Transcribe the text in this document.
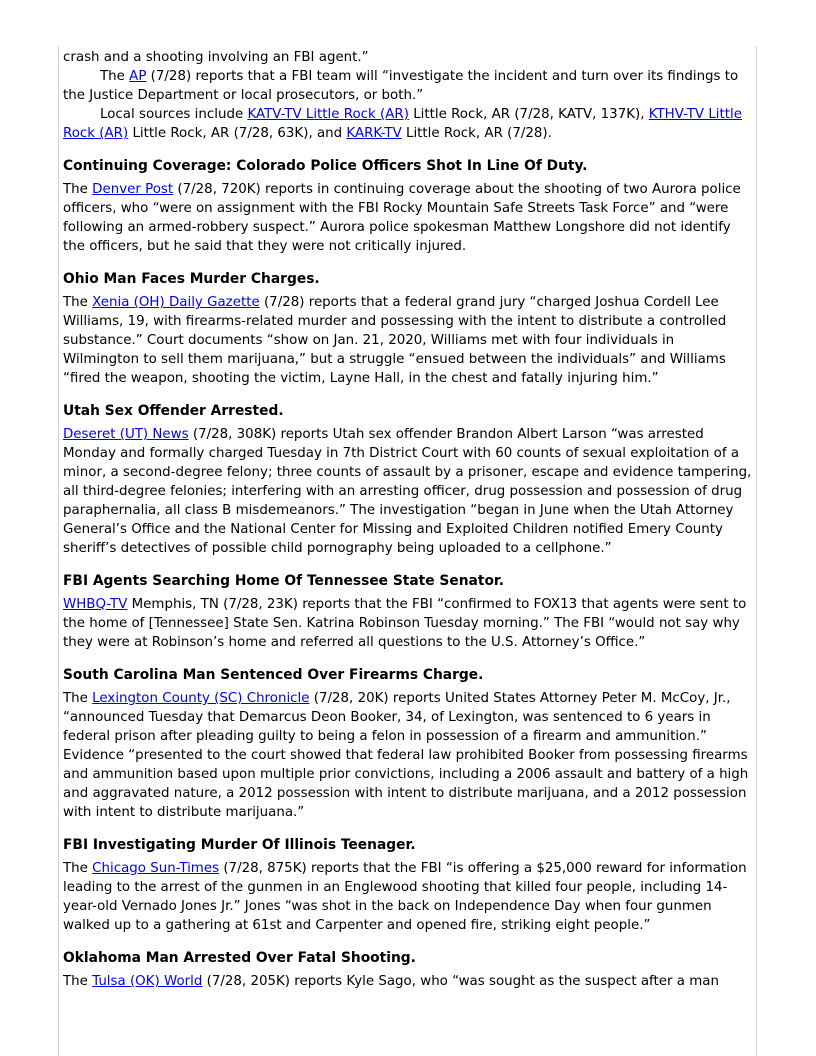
crash and a shooting involving an FBI agent.”

The AP (7/28) reports that a FBI team will “investigate the incident and turn over its findings to the Justice Department or local prosecutors, or both.”

Local sources include KATV-TV Little Rock (AR) Little Rock, AR (7/28, KATV, 137K), KTHV-TV Little Rock (AR) Little Rock, AR (7/28, 63K), and KARK-TV Little Rock, AR (7/28).

Continuing Coverage: Colorado Police Officers Shot In Line Of Duty.

The Denver Post (7/28, 720K) reports in continuing coverage about the shooting of two Aurora police officers, who “were on assignment with the FBI Rocky Mountain Safe Streets Task Force” and “were following an armed-robbery suspect.” Aurora police spokesman Matthew Longshore did not identify the officers, but he said that they were not critically injured.

Ohio Man Faces Murder Charges.

The Xenia (OH) Daily Gazette (7/28) reports that a federal grand jury “charged Joshua Cordell Lee Williams, 19, with firearms-related murder and possessing with the intent to distribute a controlled substance.” Court documents “show on Jan. 21, 2020, Williams met with four individuals in Wilmington to sell them marijuana,” but a struggle “ensued between the individuals” and Williams “fired the weapon, shooting the victim, Layne Hall, in the chest and fatally injuring him.”

Utah Sex Offender Arrested.

Deseret (UT) News (7/28, 308K) reports Utah sex offender Brandon Albert Larson “was arrested Monday and formally charged Tuesday in 7th District Court with 60 counts of sexual exploitation of a minor, a second-degree felony; three counts of assault by a prisoner, escape and evidence tampering, all third-degree felonies; interfering with an arresting officer, drug possession and possession of drug paraphernalia, all class B misdemeanors.” The investigation “began in June when the Utah Attorney General’s Office and the National Center for Missing and Exploited Children notified Emery County sheriff’s detectives of possible child pornography being uploaded to a cellphone.”

FBI Agents Searching Home Of Tennessee State Senator.

WHBQ-TV Memphis, TN (7/28, 23K) reports that the FBI “confirmed to FOX13 that agents were sent to the home of [Tennessee] State Sen. Katrina Robinson Tuesday morning.” The FBI “would not say why they were at Robinson’s home and referred all questions to the U.S. Attorney’s Office.”

South Carolina Man Sentenced Over Firearms Charge.

The Lexington County (SC) Chronicle (7/28, 20K) reports United States Attorney Peter M. McCoy, Jr., “announced Tuesday that Demarcus Deon Booker, 34, of Lexington, was sentenced to 6 years in federal prison after pleading guilty to being a felon in possession of a firearm and ammunition.” Evidence “presented to the court showed that federal law prohibited Booker from possessing firearms and ammunition based upon multiple prior convictions, including a 2006 assault and battery of a high and aggravated nature, a 2012 possession with intent to distribute marijuana, and a 2012 possession with intent to distribute marijuana.”

FBI Investigating Murder Of Illinois Teenager.

The Chicago Sun-Times (7/28, 875K) reports that the FBI “is offering a $25,000 reward for information leading to the arrest of the gunmen in an Englewood shooting that killed four people, including 14-year-old Vernado Jones Jr.” Jones “was shot in the back on Independence Day when four gunmen walked up to a gathering at 61st and Carpenter and opened fire, striking eight people.”

Oklahoma Man Arrested Over Fatal Shooting.

The Tulsa (OK) World (7/28, 205K) reports Kyle Sago, who “was sought as the suspect after a man
